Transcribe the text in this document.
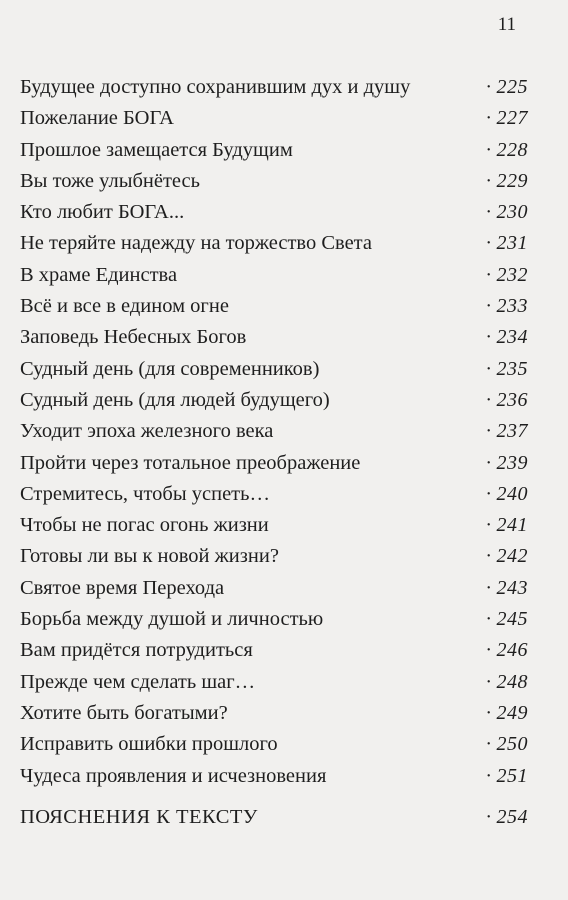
11
Будущее доступно сохранившим дух и душу	· 225
Пожелание БОГА	· 227
Прошлое замещается Будущим	· 228
Вы тоже улыбнётесь	· 229
Кто любит БОГА...	· 230
Не теряйте надежду на торжество Света	· 231
В храме Единства	· 232
Всё и все в едином огне	· 233
Заповедь Небесных Богов	· 234
Судный день (для современников)	· 235
Судный день (для людей будущего)	· 236
Уходит эпоха железного века	· 237
Пройти через тотальное преображение	· 239
Стремитесь, чтобы успеть…	· 240
Чтобы не погас огонь жизни	· 241
Готовы ли вы к новой жизни?	· 242
Святое время Перехода	· 243
Борьба между душой и личностью	· 245
Вам придётся потрудиться	· 246
Прежде чем сделать шаг…	· 248
Хотите быть богатыми?	· 249
Исправить ошибки прошлого	· 250
Чудеса проявления и исчезновения	· 251
ПОЯСНЕНИЯ К ТЕКСТУ	· 254
